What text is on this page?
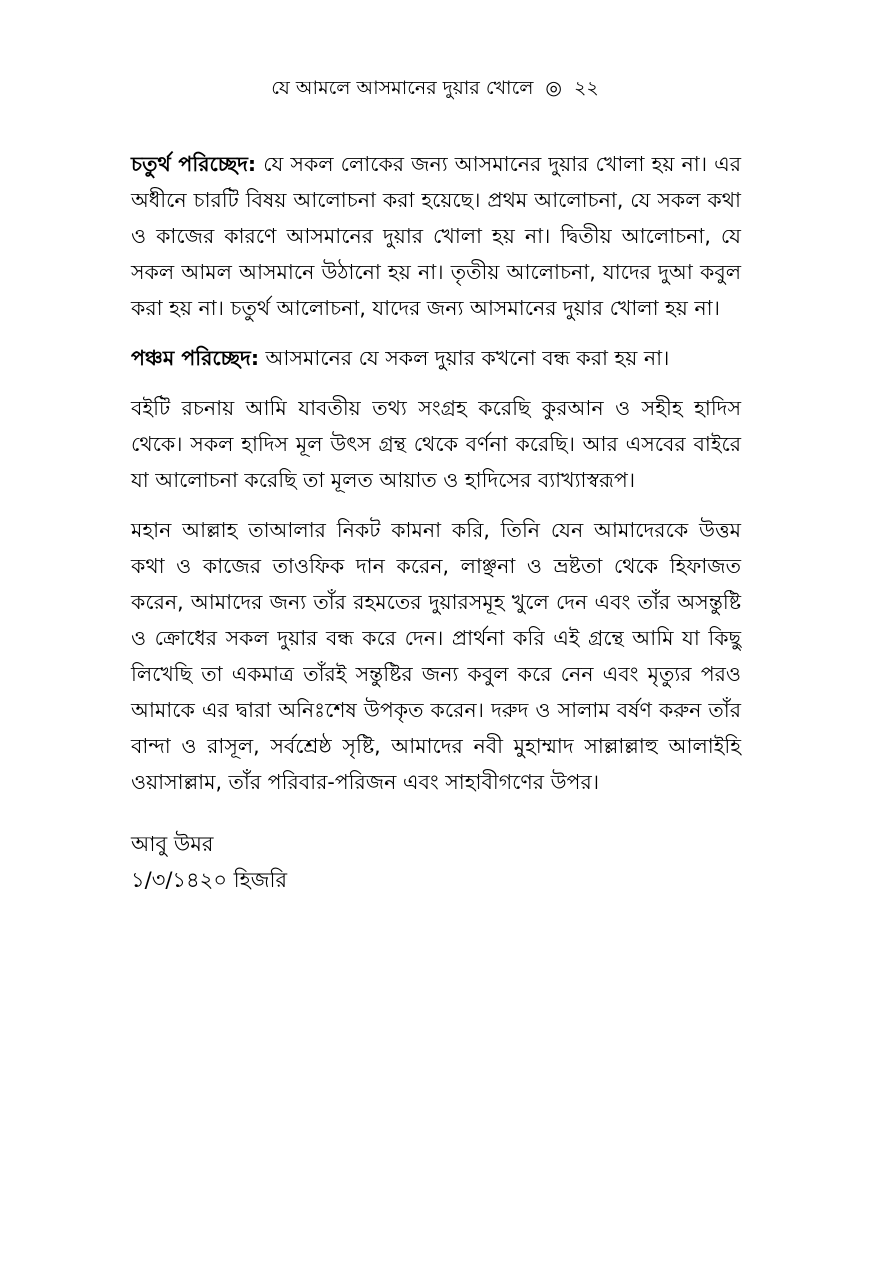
যে আমলে আসমানের দুয়ার খোলে ◎ ২২

চতুর্থ পরিচ্ছেদ: যে সকল লোকের জন্য আসমানের দুয়ার খোলা হয় না। এর অধীনে চারটি বিষয় আলোচনা করা হয়েছে। প্রথম আলোচনা, যে সকল কথা ও কাজের কারণে আসমানের দুয়ার খোলা হয় না। দ্বিতীয় আলোচনা, যে সকল আমল আসমানে উঠানো হয় না। তৃতীয় আলোচনা, যাদের দুআ কবুল করা হয় না। চতুর্থ আলোচনা, যাদের জন্য আসমানের দুয়ার খোলা হয় না।

পঞ্চম পরিচ্ছেদ: আসমানের যে সকল দুয়ার কখনো বন্ধ করা হয় না।

বইটি রচনায় আমি যাবতীয় তথ্য সংগ্রহ করেছি কুরআন ও সহীহ হাদিস থেকে। সকল হাদিস মূল উৎস গ্রন্থ থেকে বর্ণনা করেছি। আর এসবের বাইরে যা আলোচনা করেছি তা মূলত আয়াত ও হাদিসের ব্যাখ্যাস্বরূপ।

মহান আল্লাহ তাআলার নিকট কামনা করি, তিনি যেন আমাদেরকে উত্তম কথা ও কাজের তাওফিক দান করেন, লাঞ্ছনা ও ভ্রষ্টতা থেকে হিফাজত করেন, আমাদের জন্য তাঁর রহমতের দুয়ারসমূহ খুলে দেন এবং তাঁর অসন্তুষ্টি ও ক্রোধের সকল দুয়ার বন্ধ করে দেন। প্রার্থনা করি এই গ্রন্থে আমি যা কিছু লিখেছি তা একমাত্র তাঁরই সন্তুষ্টির জন্য কবুল করে নেন এবং মৃত্যুর পরও আমাকে এর দ্বারা অনিঃশেষ উপকৃত করেন। দরুদ ও সালাম বর্ষণ করুন তাঁর বান্দা ও রাসূল, সর্বশ্রেষ্ঠ সৃষ্টি, আমাদের নবী মুহাম্মাদ সাল্লাল্লাহু আলাইহি ওয়াসাল্লাম, তাঁর পরিবার-পরিজন এবং সাহাবীগণের উপর।

আবু উমর
১/৩/১৪২০ হিজরি
